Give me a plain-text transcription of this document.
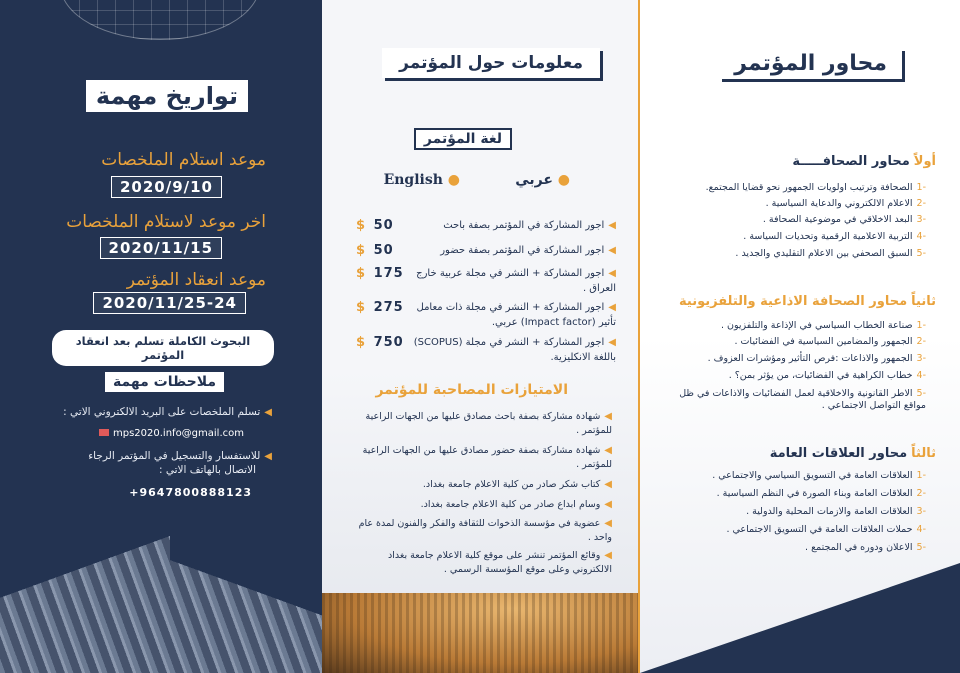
تواريخ مهمة
موعد استلام الملخصات
2020/9/10
اخر موعد لاستلام الملخصات
2020/11/15
موعد انعقاد المؤتمر
2020/11/25-24
البحوث الكاملة تسلم بعد انعقاد المؤتمر
ملاحظات مهمة
◀تسلم الملخصات على البريد الالكتروني الاتي :
mps2020.info@gmail.com
◀للاستفسار والتسجيل في المؤتمر الرجاء
الاتصال بالهاتف الاتي :
+9647800888123
معلومات حول المؤتمر
لغة المؤتمر
● عربي
English ●
◀اجور المشاركة في المؤتمر بصفة باحث
$ 50
◀اجور المشاركة في المؤتمر بصفة حضور
$ 50
◀اجور المشاركة + النشر في مجلة عربية خارج العراق .
$ 175
◀اجور المشاركة + النشر في مجلة ذات معامل تأثير (Impact factor) عربي.
$ 275
◀اجور المشاركة + النشر في مجلة (SCOPUS) باللغة الانكليزية.
$ 750
الامتيازات المصاحبة للمؤتمر
◀شهادة مشاركة بصفة باحث مصادق عليها من الجهات الراعية للمؤتمر .
◀شهادة مشاركة بصفة حضور مصادق عليها من الجهات الراعية للمؤتمر .
◀كتاب شكر صادر من كلية الاعلام جامعة بغداد.
◀وسام ابداع صادر من كلية الاعلام جامعة بغداد.
◀عضوية في مؤسسة الذخوات للثقافة والفكر والفنون لمدة عام واحد .
◀وقائع المؤتمر تنشر على موقع كلية الاعلام جامعة بغداد الالكتروني وعلى موقع المؤسسة الرسمي .
محاور المؤتمر
أولاًمحاور الصحافـــــة
-1الصحافة وترتيب اولويات الجمهور نحو قضايا المجتمع.
-2الاعلام الالكتروني والدعاية السياسية .
-3البعد الاخلاقي في موضوعية الصحافة .
-4التربية الاعلامية الرقمية وتحديات السياسة .
-5السبق الصحفي بين الاعلام التقليدي والجديد .
ثانياًمحاور الصحافة الاذاعية والتلفزيونية
-1صناعة الخطاب السياسي في الإذاعة والتلفزيون .
-2الجمهور والمضامين السياسية في الفضائيات .
-3الجمهور والاذاعات :فرص التأثير ومؤشرات العزوف .
-4خطاب الكراهية في الفضائيات، من يؤثر بمن؟ .
-5الاطر القانونية والاخلاقية لعمل الفضائيات والاذاعات في ظل مواقع التواصل الاجتماعي .
ثالثاًمحاور العلاقات العامة
-1العلاقات العامة في التسويق السياسي والاجتماعي .
-2العلاقات العامة وبناء الصورة في النظم السياسية .
-3العلاقات العامة والازمات المحلية والدولية .
-4حملات العلاقات العامة في التسويق الاجتماعي .
-5الاعلان ودوره في المجتمع .
